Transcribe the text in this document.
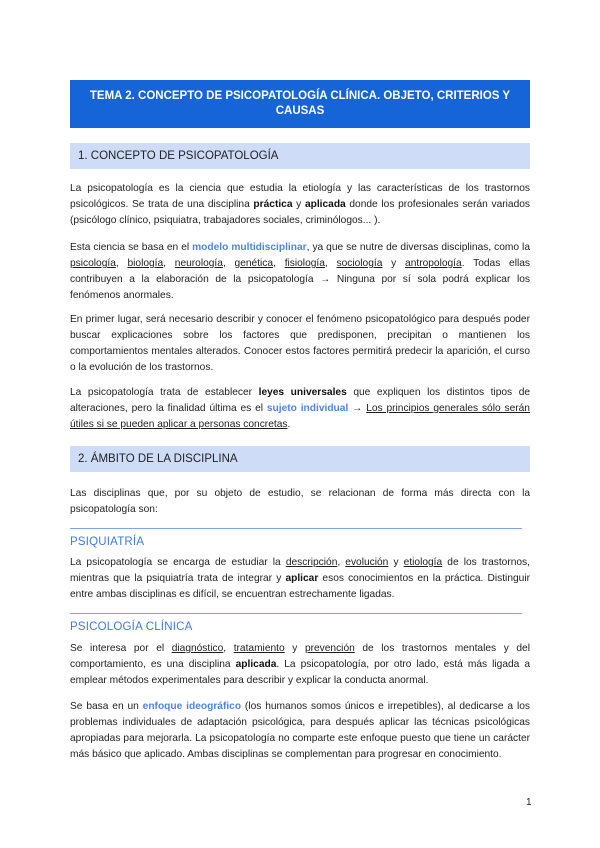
TEMA 2. CONCEPTO DE PSICOPATOLOGÍA CLÍNICA. OBJETO, CRITERIOS Y
CAUSAS
1. CONCEPTO DE PSICOPATOLOGÍA

La psicopatología es la ciencia que estudia la etiología y las características de los trastornos psicológicos. Se trata de una disciplina práctica y aplicada donde los profesionales serán variados (psicólogo clínico, psiquiatra, trabajadores sociales, criminólogos... ).

Esta ciencia se basa en el modelo multidisciplinar, ya que se nutre de diversas disciplinas, como la psicología, biología, neurología, genética, fisiología, sociología y antropología. Todas ellas contribuyen a la elaboración de la psicopatología → Ninguna por sí sola podrá explicar los fenómenos anormales.

En primer lugar, será necesario describir y conocer el fenómeno psicopatológico para después poder buscar explicaciones sobre los factores que predisponen, precipitan o mantienen los comportamientos mentales alterados. Conocer estos factores permitirá predecir la aparición, el curso o la evolución de los trastornos.

La psicopatología trata de establecer leyes universales que expliquen los distintos tipos de alteraciones, pero la finalidad última es el sujeto individual → Los principios generales sólo serán útiles si se pueden aplicar a personas concretas.

2. ÁMBITO DE LA DISCIPLINA

Las disciplinas que, por su objeto de estudio, se relacionan de forma más directa con la psicopatología son:

PSIQUIATRÍA

La psicopatología se encarga de estudiar la descripción, evolución y etiología de los trastornos, mientras que la psiquiatría trata de integrar y aplicar esos conocimientos en la práctica. Distinguir entre ambas disciplinas es difícil, se encuentran estrechamente ligadas.

PSICOLOGÍA CLÍNICA

Se interesa por el diagnóstico, tratamiento y prevención de los trastornos mentales y del comportamiento, es una disciplina aplicada. La psicopatología, por otro lado, está más ligada a emplear métodos experimentales para describir y explicar la conducta anormal.

Se basa en un enfoque ideográfico (los humanos somos únicos e irrepetibles), al dedicarse a los problemas individuales de adaptación psicológica, para después aplicar las técnicas psicológicas apropiadas para mejorarla. La psicopatología no comparte este enfoque puesto que tiene un carácter más básico que aplicado. Ambas disciplinas se complementan para progresar en conocimiento.

1
